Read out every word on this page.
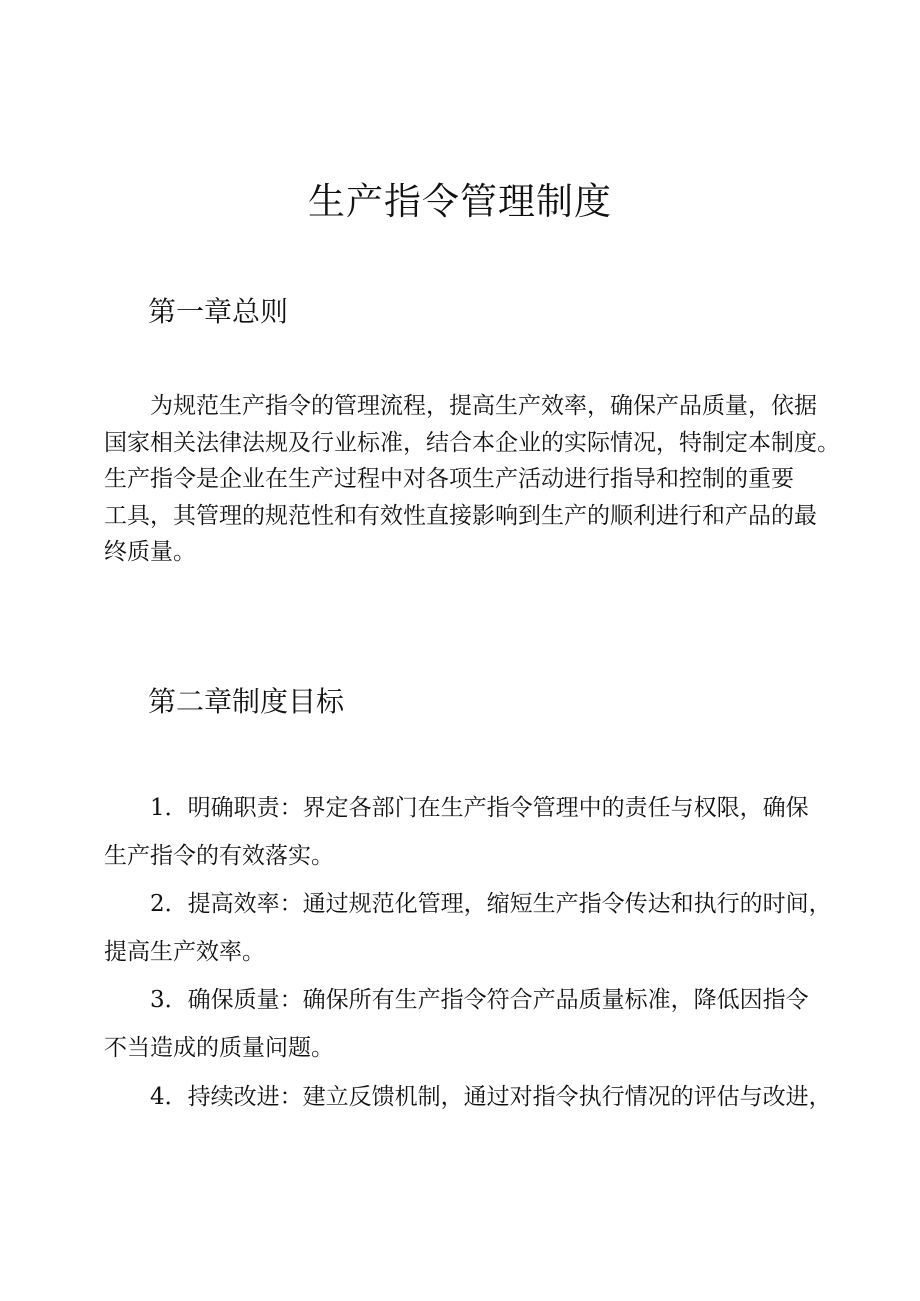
生产指令管理制度
第一章总则

为规范生产指令的管理流程，提高生产效率，确保产品质量，依据
国家相关法律法规及行业标准，结合本企业的实际情况，特制定本制度。
生产指令是企业在生产过程中对各项生产活动进行指导和控制的重要
工具，其管理的规范性和有效性直接影响到生产的顺利进行和产品的最
终质量。

第二章制度目标

1．明确职责：界定各部门在生产指令管理中的责任与权限，确保
生产指令的有效落实。

2．提高效率：通过规范化管理，缩短生产指令传达和执行的时间，
提高生产效率。

3．确保质量：确保所有生产指令符合产品质量标准，降低因指令
不当造成的质量问题。

4．持续改进：建立反馈机制，通过对指令执行情况的评估与改进，
